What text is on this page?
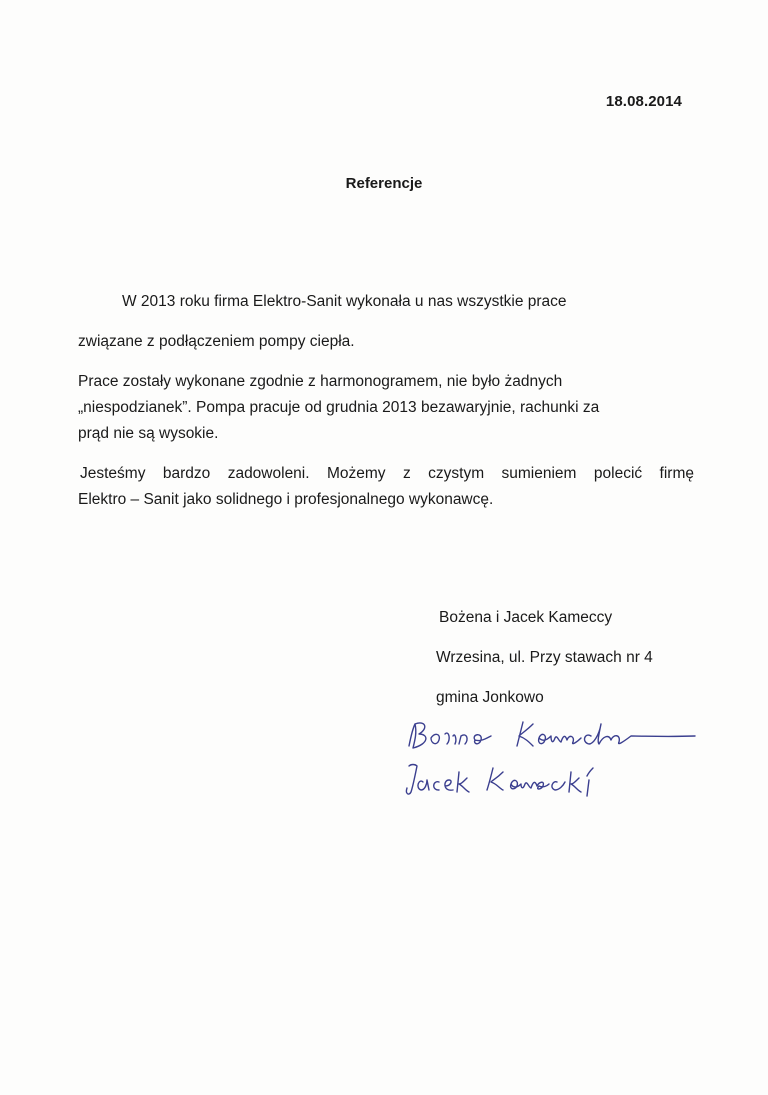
18.08.2014
Referencje
W 2013 roku firma Elektro-Sanit wykonała u nas wszystkie prace
związane z podłączeniem pompy ciepła.
Prace zostały wykonane zgodnie z harmonogramem, nie było żadnych
„niespodzianek”. Pompa pracuje od grudnia 2013 bezawaryjnie, rachunki za
prąd nie są wysokie.
Jesteśmy bardzo zadowoleni. Możemy z czystym sumieniem polecić firmę
Elektro – Sanit jako solidnego i profesjonalnego wykonawcę.
Bożena i Jacek Kameccy
Wrzesina, ul. Przy stawach nr 4
gmina Jonkowo
